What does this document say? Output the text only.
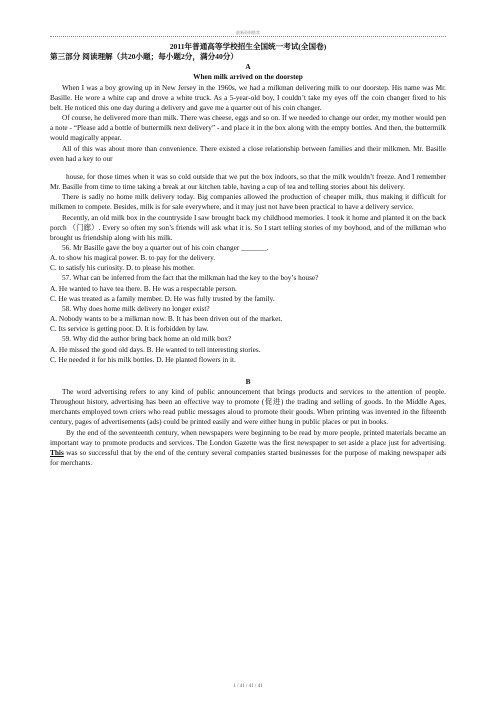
最新资料推荐

2011年普通高等学校招生全国统一考试(全国卷)

第三部分 阅读理解（共20小题；每小题2分，满分40分）

A

When milk arrived on the doorstep

When I was a boy growing up in New Jersey in the 1960s, we had a milkman delivering milk to our doorstep. His name was Mr. Basille. He wore a white cap and drove a white truck. As a 5-year-old boy, I couldn’t take my eyes off the coin changer fixed to his belt. He noticed this one day during a delivery and gave me a quarter out of his coin changer.

Of course, he delivered more than milk. There was cheese, eggs and so on. If we needed to change our order, my mother would pen a note - “Please add a bottle of buttermilk next delivery” - and place it in the box along with the empty bottles. And then, the buttermilk would magically appear.

All of this was about more than convenience. There existed a close relationship between families and their milkmen. Mr. Basille even had a key to our

house, for those times when it was so cold outside that we put the box indoors, so that the milk wouldn’t freeze. And I remember Mr. Basille from time to time taking a break at our kitchen table, having a cup of tea and telling stories about his delivery.

There is sadly no home milk delivery today. Big companies allowed the production of cheaper milk, thus making it difficult for milkmen to compete. Besides, milk is for sale everywhere, and it may just not have been practical to have a delivery service.

Recently, an old milk box in the countryside I saw brought back my childhood memories. I took it home and planted it on the back porch （门廊）. Every so often my son’s friends will ask what it is. So I start telling stories of my boyhood, and of the milkman who brought us friendship along with his milk.

56. Mr Basille gave the boy a quarter out of his coin changer _______.

A. to show his magical power. B. to pay for the delivery.

C. to satisfy his curiosity. D. to please his mother.

57. What can be inferred from the fact that the milkman had the key to the boy’s house?

A. He wanted to have tea there. B. He was a respectable person.

C. He was treated as a family member. D. He was fully trusted by the family.

58. Why does home milk delivery no longer exist?

A. Nobody wants to be a milkman now. B. It has been driven out of the market.

C. Its service is getting poor. D. It is forbidden by law.

59. Why did the author bring back home an old milk box?

A. He missed the good old days. B. He wanted to tell interesting stories.

C. He needed it for his milk bottles. D. He planted flowers in it.

B

The word advertising refers to any kind of public announcement that brings products and services to the attention of people. Throughout history, advertising has been an effective way to promote (促进) the trading and selling of goods. In the Middle Ages, merchants employed town criers who read public messages aloud to promote their goods. When printing was invented in the fifteenth century, pages of advertisements (ads) could be printed easily and were either hung in public places or put in books.

By the end of the seventeenth century, when newspapers were beginning to be read by more people, printed materials became an important way to promote products and services. The London Gazette was the first newspaper to set aside a place just for advertising. This was so successful that by the end of the century several companies started businesses for the purpose of making newspaper ads for merchants.

1 / 41 / 41 / 41
